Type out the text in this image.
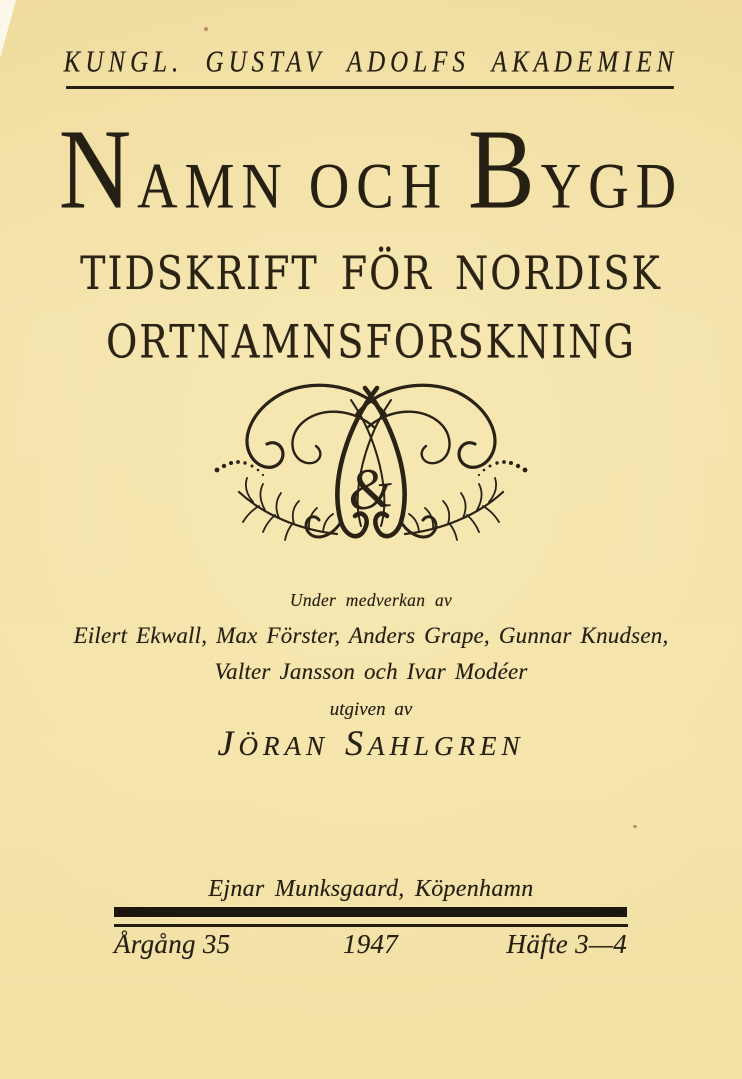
KUNGL. GUSTAV ADOLFS AKADEMIEN
NAMN OCH BYGD
TIDSKRIFT FÖR NORDISK
ORTNAMNSFORSKNING
&
Under medverkan av
Eilert Ekwall, Max Förster, Anders Grape, Gunnar Knudsen,
Valter Jansson och Ivar Modéer
utgiven av
JÖRAN SAHLGREN
Ejnar Munksgaard, Köpenhamn
Årgång 35	1947	Häfte 3—4
